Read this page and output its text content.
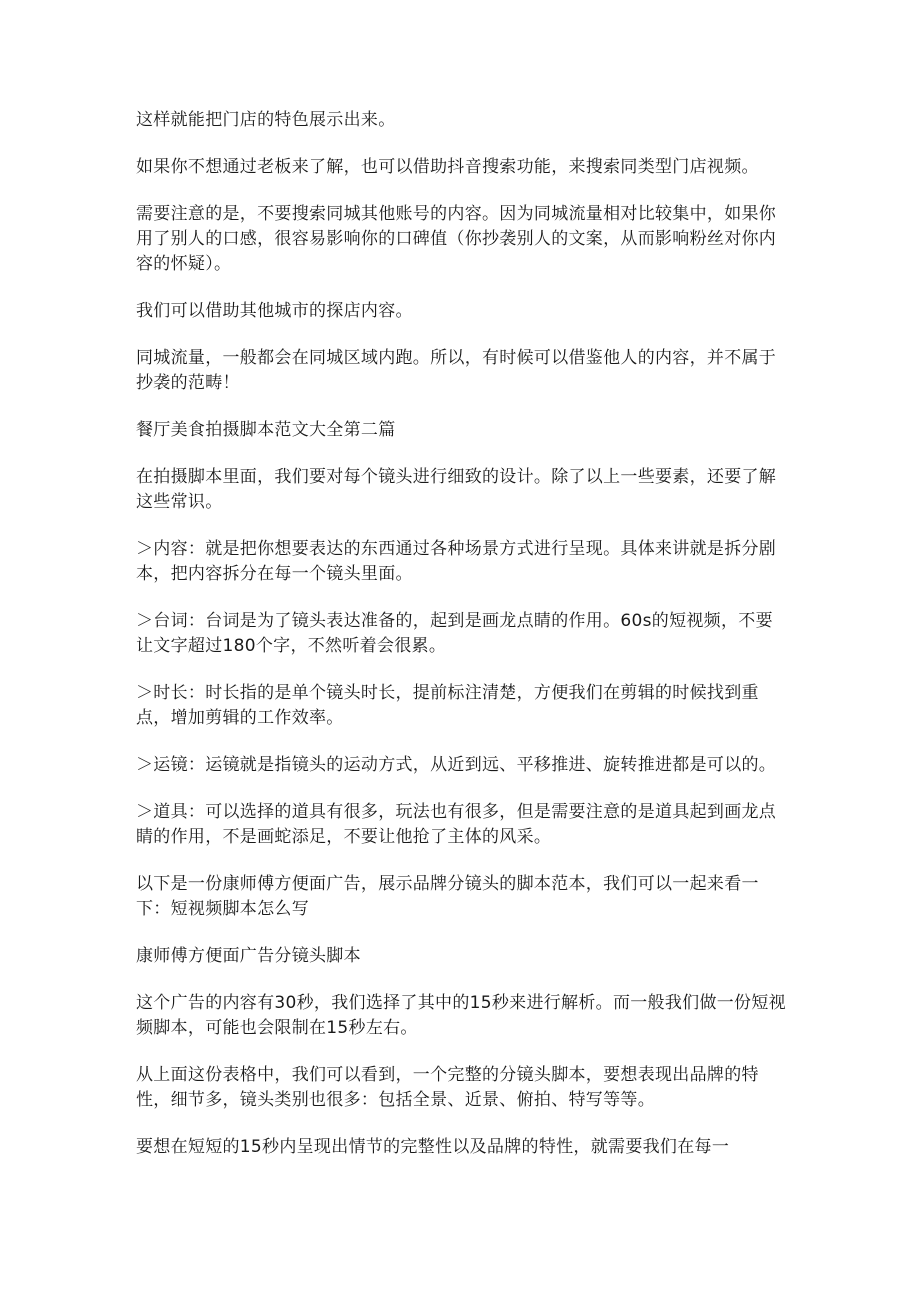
这样就能把门店的特色展示出来。

如果你不想通过老板来了解，也可以借助抖音搜索功能，来搜索同类型门店视频。

需要注意的是，不要搜索同城其他账号的内容。因为同城流量相对比较集中，如果你用了别人的口感，很容易影响你的口碑值（你抄袭别人的文案，从而影响粉丝对你内容的怀疑）。

我们可以借助其他城市的探店内容。

同城流量，一般都会在同城区域内跑。所以，有时候可以借鉴他人的内容，并不属于抄袭的范畴！

餐厅美食拍摄脚本范文大全第二篇

在拍摄脚本里面，我们要对每个镜头进行细致的设计。除了以上一些要素，还要了解这些常识。

＞内容：就是把你想要表达的东西通过各种场景方式进行呈现。具体来讲就是拆分剧本，把内容拆分在每一个镜头里面。

＞台词：台词是为了镜头表达准备的，起到是画龙点睛的作用。60s的短视频，不要让文字超过180个字，不然听着会很累。

＞时长：时长指的是单个镜头时长，提前标注清楚，方便我们在剪辑的时候找到重点，增加剪辑的工作效率。

＞运镜：运镜就是指镜头的运动方式，从近到远、平移推进、旋转推进都是可以的。

＞道具：可以选择的道具有很多，玩法也有很多，但是需要注意的是道具起到画龙点睛的作用，不是画蛇添足，不要让他抢了主体的风采。

以下是一份康师傅方便面广告，展示品牌分镜头的脚本范本，我们可以一起来看一下：短视频脚本怎么写

康师傅方便面广告分镜头脚本

这个广告的内容有30秒，我们选择了其中的15秒来进行解析。而一般我们做一份短视频脚本，可能也会限制在15秒左右。

从上面这份表格中，我们可以看到，一个完整的分镜头脚本，要想表现出品牌的特性，细节多，镜头类别也很多：包括全景、近景、俯拍、特写等等。

要想在短短的15秒内呈现出情节的完整性以及品牌的特性，就需要我们在每一
